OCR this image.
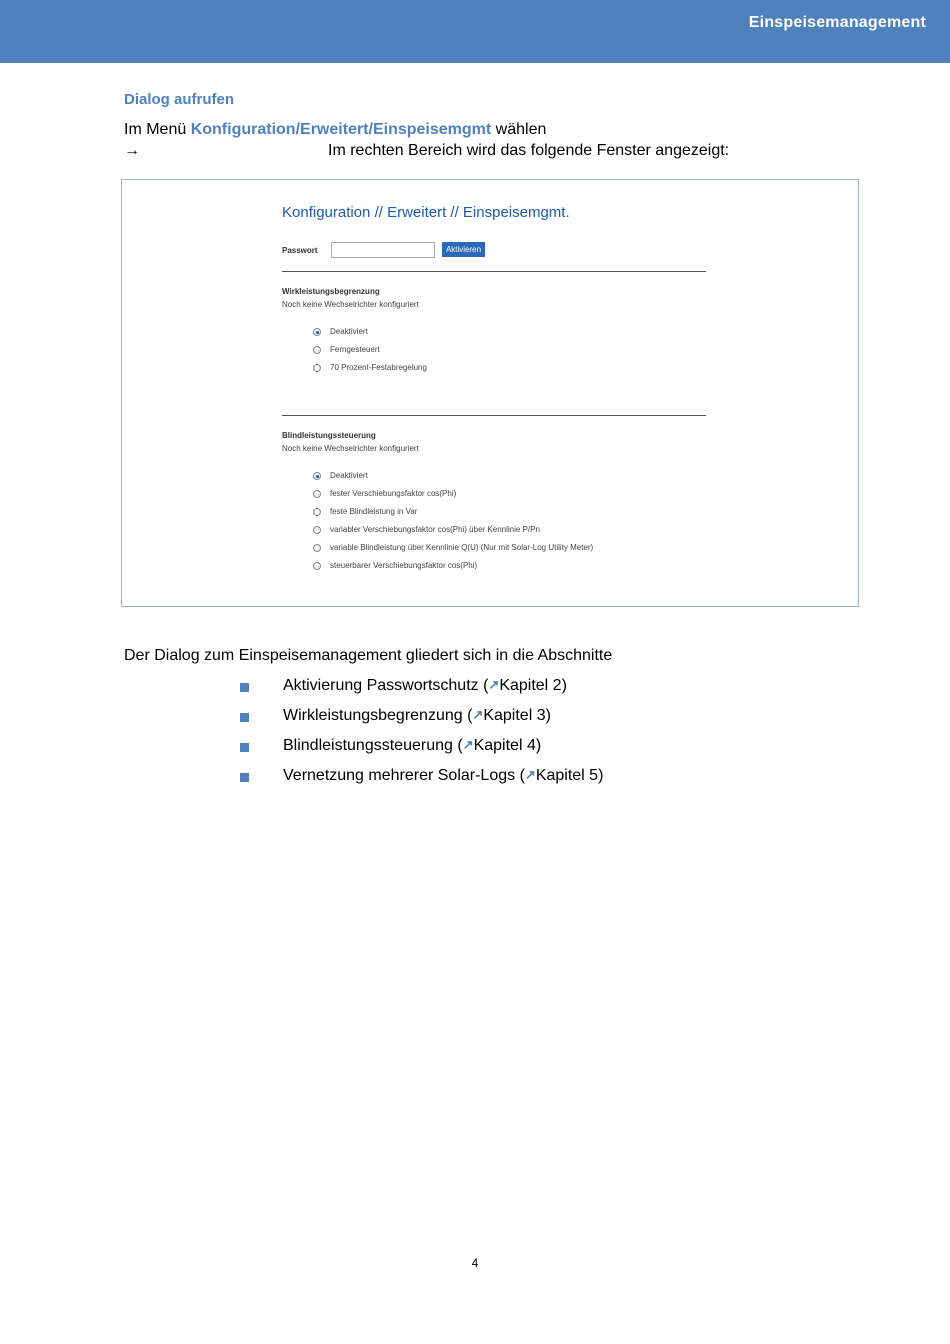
Einspeisemanagement
Dialog aufrufen
Im Menü Konfiguration/Erweitert/Einspeisemgmt wählen
→	Im rechten Bereich wird das folgende Fenster angezeigt:
Konfiguration // Erweitert // Einspeisemgmt.
Passwort	Aktivieren
Wirkleistungsbegrenzung
Noch keine Wechselrichter konfiguriert
Deaktiviert
Ferngesteuert
70 Prozent-Festabregelung
Blindleistungssteuerung
Noch keine Wechselrichter konfiguriert
Deaktiviert
fester Verschiebungsfaktor cos(Phi)
feste Blindleistung in Var
variabler Verschiebungsfaktor cos(Phi) über Kennlinie P/Pn
variable Blindleistung über Kennlinie Q(U) (Nur mit Solar-Log Utility Meter)
steuerbarer Verschiebungsfaktor cos(Phi)
Der Dialog zum Einspeisemanagement gliedert sich in die Abschnitte
Aktivierung Passwortschutz (↗Kapitel 2)
Wirkleistungsbegrenzung (↗Kapitel 3)
Blindleistungssteuerung (↗Kapitel 4)
Vernetzung mehrerer Solar-Logs (↗Kapitel 5)
4
